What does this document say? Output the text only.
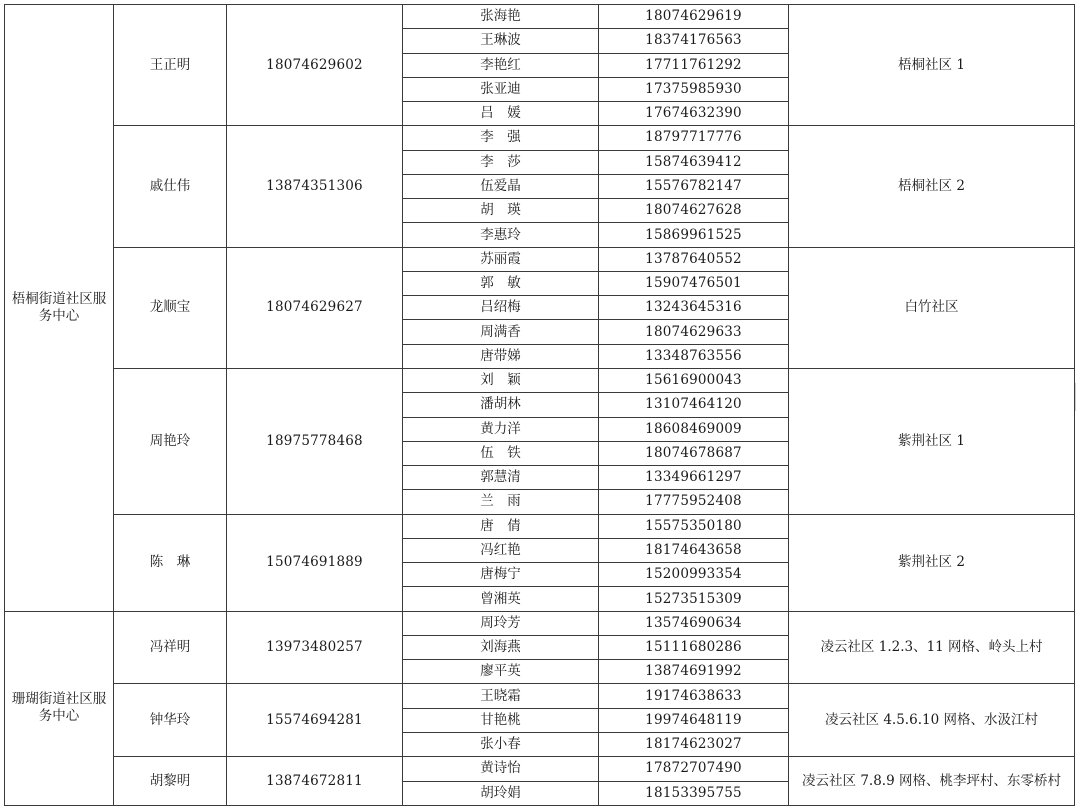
梧桐街道社区服务中心	王正明	18074629602	张海艳	18074629619	梧桐社区 1
			王琳波	18374176563	
			李艳红	17711761292	
			张亚迪	17375985930	
			吕　媛	17674632390	
	戚仕伟	13874351306	李　强	18797717776	梧桐社区 2
			李　莎	15874639412	
			伍爱晶	15576782147	
			胡　瑛	18074627628	
			李惠玲	15869961525	
	龙顺宝	18074629627	苏丽霞	13787640552	白竹社区
			郭　敏	15907476501	
			吕绍梅	13243645316	
			周满香	18074629633	
			唐带娣	13348763556	
	周艳玲	18975778468	刘　颖	15616900043	紫荆社区 1
			潘胡林	13107464120	
			黄力洋	18608469009	
			伍　铁	18074678687	
			郭慧清	13349661297	
			兰　雨	17775952408	
	陈　琳	15074691889	唐　倩	15575350180	紫荆社区 2
			冯红艳	18174643658	
			唐梅宁	15200993354	
			曾湘英	15273515309	
珊瑚街道社区服务中心	冯祥明	13973480257	周玲芳	13574690634	凌云社区 1.2.3、11 网格、岭头上村
			刘海燕	15111680286	
			廖平英	13874691992	
	钟华玲	15574694281	王晓霜	19174638633	凌云社区 4.5.6.10 网格、水汲江村
			甘艳桃	19974648119	
			张小春	18174623027	
	胡黎明	13874672811	黄诗怡	17872707490	凌云社区 7.8.9 网格、桃李坪村、东零桥村
			胡玲娟	18153395755	
